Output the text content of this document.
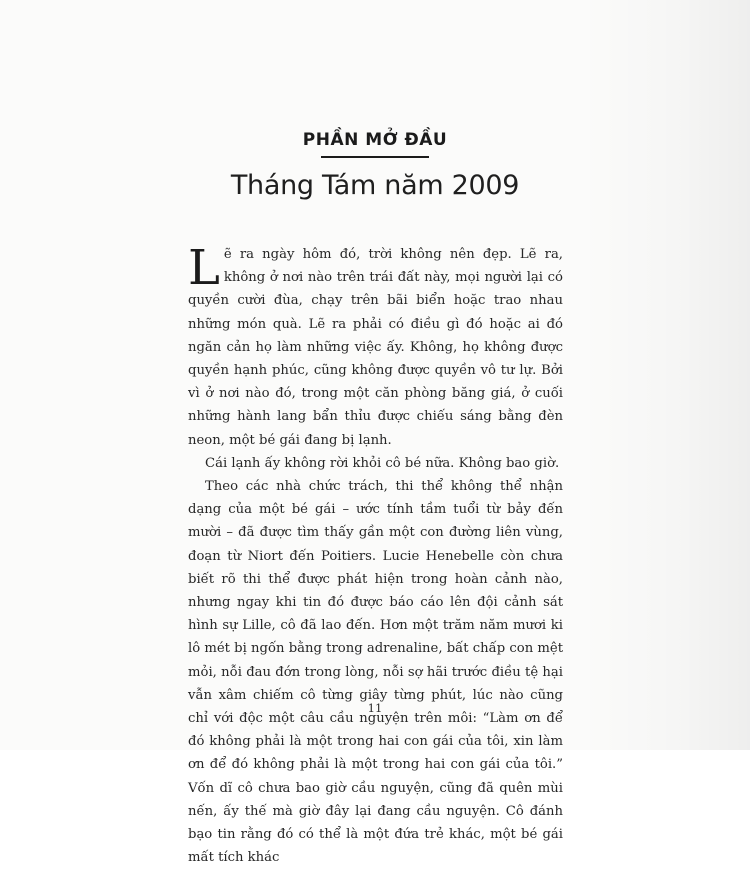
PHẦN MỞ ĐẦU
Tháng Tám năm 2009

Lẽ ra ngày hôm đó, trời không nên đẹp. Lẽ ra, không ở nơi nào trên trái đất này, mọi người lại có quyền cười đùa, chạy trên bãi biển hoặc trao nhau những món quà. Lẽ ra phải có điều gì đó hoặc ai đó ngăn cản họ làm những việc ấy. Không, họ không được quyền hạnh phúc, cũng không được quyền vô tư lự. Bởi vì ở nơi nào đó, trong một căn phòng băng giá, ở cuối những hành lang bẩn thỉu được chiếu sáng bằng đèn neon, một bé gái đang bị lạnh.

Cái lạnh ấy không rời khỏi cô bé nữa. Không bao giờ.

Theo các nhà chức trách, thi thể không thể nhận dạng của một bé gái – ước tính tầm tuổi từ bảy đến mười – đã được tìm thấy gần một con đường liên vùng, đoạn từ Niort đến Poitiers. Lucie Henebelle còn chưa biết rõ thi thể được phát hiện trong hoàn cảnh nào, nhưng ngay khi tin đó được báo cáo lên đội cảnh sát hình sự Lille, cô đã lao đến. Hơn một trăm năm mươi ki lô mét bị ngốn bằng trong adrenaline, bất chấp con mệt mỏi, nỗi đau đớn trong lòng, nỗi sợ hãi trước điều tệ hại vẫn xâm chiếm cô từng giây từng phút, lúc nào cũng chỉ với độc một câu cầu nguyện trên môi: “Làm ơn để đó không phải là một trong hai con gái của tôi, xin làm ơn để đó không phải là một trong hai con gái của tôi.” Vốn dĩ cô chưa bao giờ cầu nguyện, cũng đã quên mùi nến, ấy thế mà giờ đây lại đang cầu nguyện. Cô đánh bạo tin rằng đó có thể là một đứa trẻ khác, một bé gái mất tích khác

11
